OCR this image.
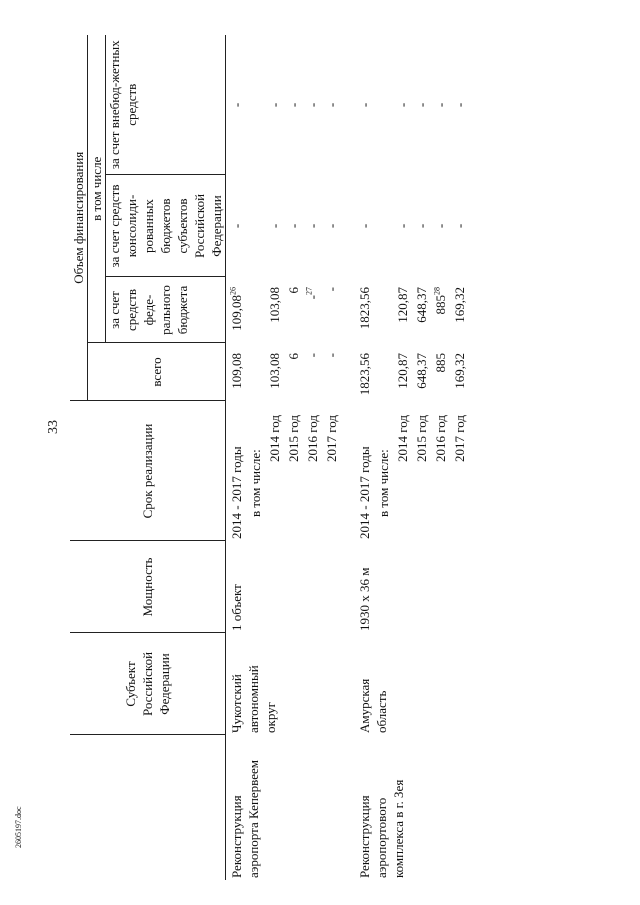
33
2605197.doc
	Субъект Российской Федерации	Мощность	Срок реализации	Объем финансирования			
				всего	в том числе		
					за счет средств феде-рального бюджета	за счет средств консолиди-рованных бюджетов субъектов Российской Федерации	за счет внебюд-жетных средств
Реконструкция аэропорта Кепервеем	Чукотский автономный округ	1 объект	2014 - 2017 годы	109,08	109,08$^{26}$	-	-
			в том числе:				
			2014 год	103,08	103,08	-	-
			2015 год	6	6	-	-
			2016 год	-	-$^{27}$	-	-
			2017 год	-	-	-	-

Реконструкция аэропортового комплекса в г. Зея	Амурская область	1930 x 36 м	2014 - 2017 годы	1823,56	1823,56	-	-
			в том числе:				
			2014 год	120,87	120,87	-	-
			2015 год	648,37	648,37	-	-
			2016 год	885	$885^{28}$	-	-
			2017 год	169,32	169,32	-	-
